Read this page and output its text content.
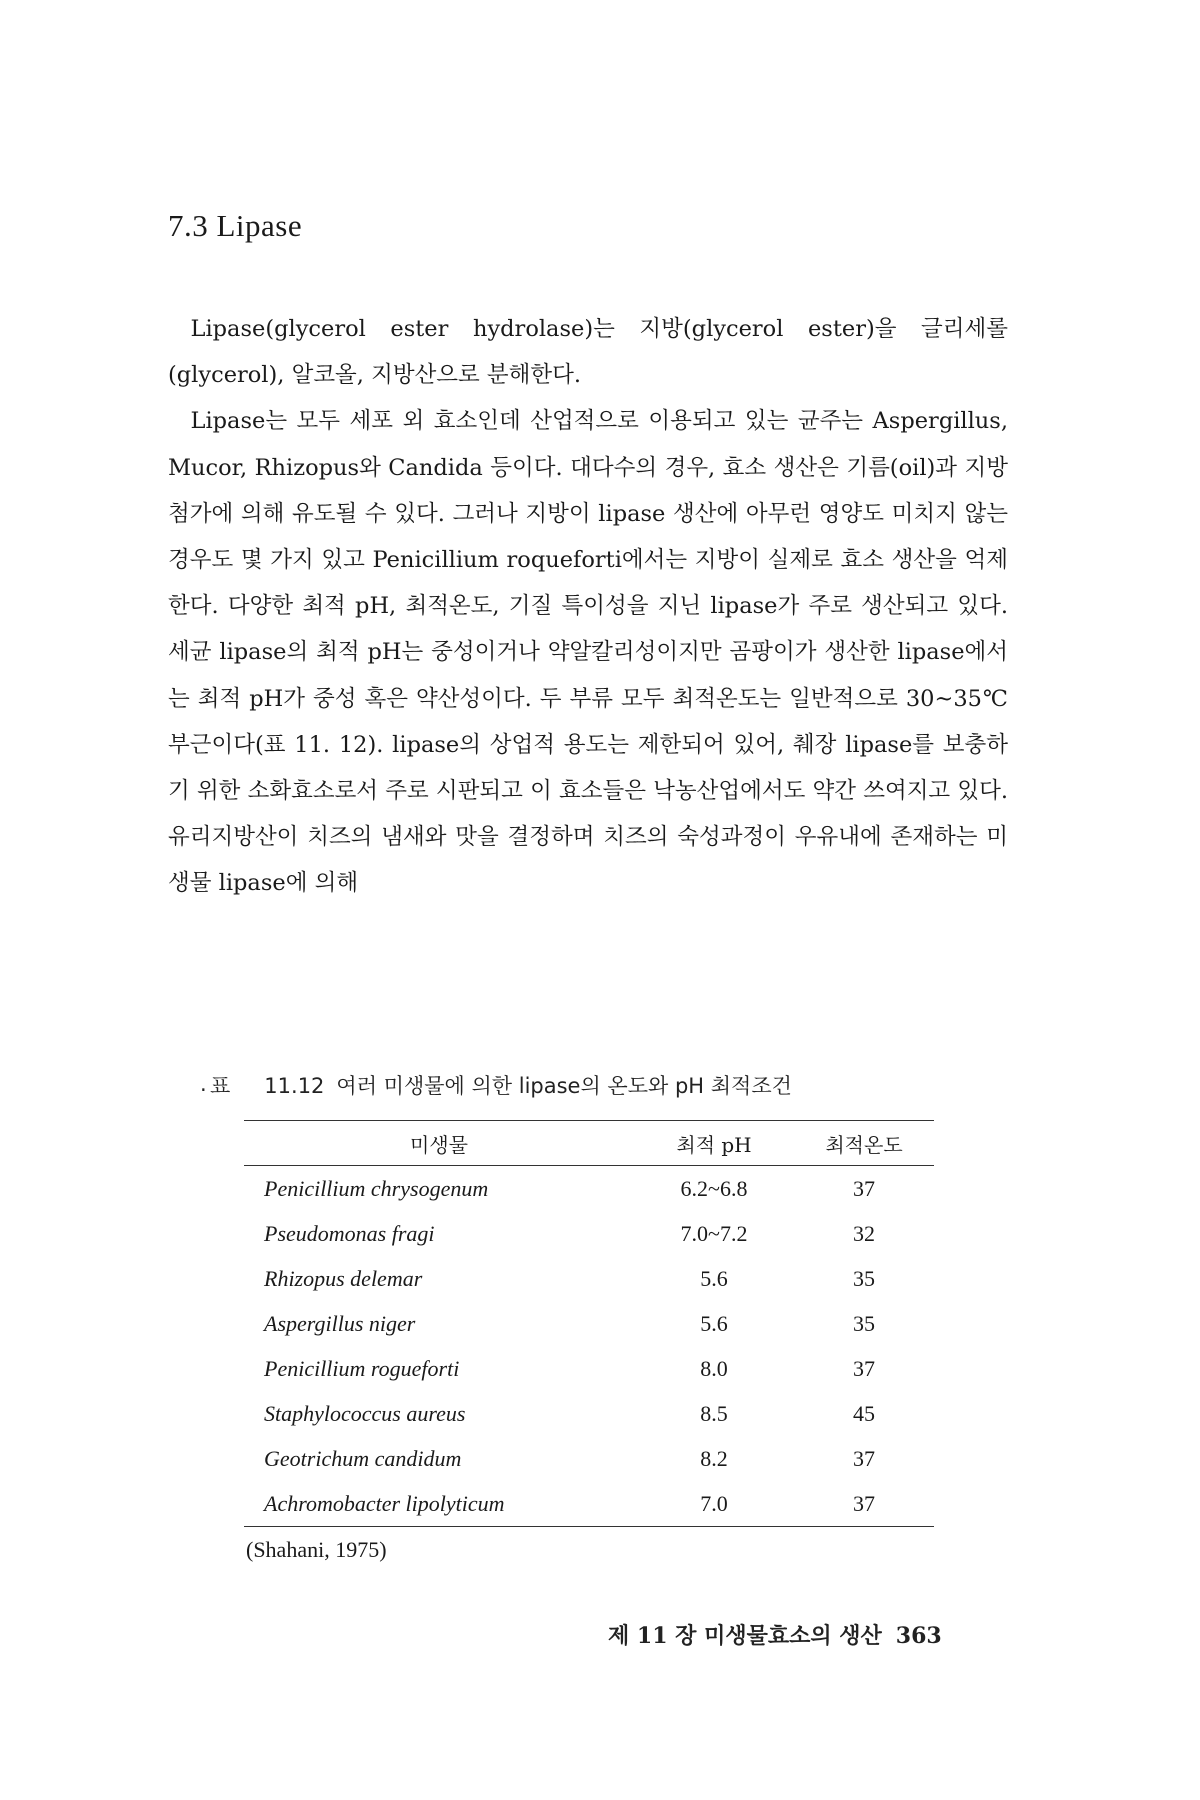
7.3 Lipase

Lipase(glycerol ester hydrolase)는 지방(glycerol ester)을 글리세롤(glycerol), 알코올, 지방산으로 분해한다.

Lipase는 모두 세포 외 효소인데 산업적으로 이용되고 있는 균주는 Aspergillus, Mucor, Rhizopus와 Candida 등이다. 대다수의 경우, 효소 생산은 기름(oil)과 지방 첨가에 의해 유도될 수 있다. 그러나 지방이 lipase 생산에 아무런 영양도 미치지 않는 경우도 몇 가지 있고 Penicillium roqueforti에서는 지방이 실제로 효소 생산을 억제한다. 다양한 최적 pH, 최적온도, 기질 특이성을 지닌 lipase가 주로 생산되고 있다. 세균 lipase의 최적 pH는 중성이거나 약알칼리성이지만 곰팡이가 생산한 lipase에서는 최적 pH가 중성 혹은 약산성이다. 두 부류 모두 최적온도는 일반적으로 30~35℃ 부근이다(표 11. 12). lipase의 상업적 용도는 제한되어 있어, 췌장 lipase를 보충하기 위한 소화효소로서 주로 시판되고 이 효소들은 낙농산업에서도 약간 쓰여지고 있다. 유리지방산이 치즈의 냄새와 맛을 결정하며 치즈의 숙성과정이 우유내에 존재하는 미생물 lipase에 의해

. 표 11.12 여러 미생물에 의한 lipase의 온도와 pH 최적조건
미생물	최적 pH	최적온도
Penicillium chrysogenum	6.2~6.8	37
Pseudomonas fragi	7.0~7.2	32
Rhizopus delemar	5.6	35
Aspergillus niger	5.6	35
Penicillium rogueforti	8.0	37
Staphylococcus aureus	8.5	45
Geotrichum candidum	8.2	37
Achromobacter lipolyticum	7.0	37

(Shahani, 1975)

제 11 장 미생물효소의 생산 363
